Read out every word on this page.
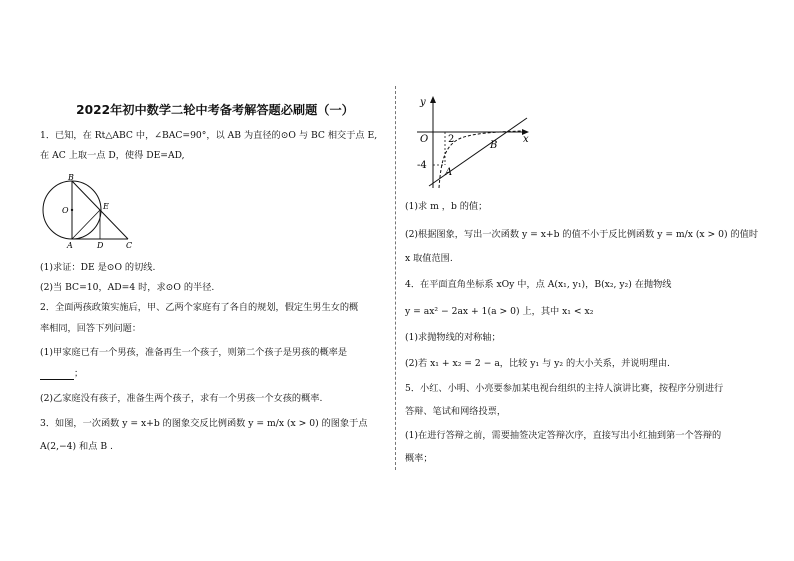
2022年初中数学二轮中考备考解答题必刷题（一）
1．已知，在 Rt△ABC 中，∠BAC=90°，以 AB 为直径的⊙O 与 BC 相交于点 E,
在 AC 上取一点 D，使得 DE=AD,
B
O	E
A	D	C
(1)求证：DE 是⊙O 的切线.
(2)当 BC=10，AD=4 时，求⊙O 的半径.
2．全面两孩政策实施后，甲、乙两个家庭有了各自的规划，假定生男生女的概
率相同，回答下列问题：
(1)甲家庭已有一个男孩，准备再生一个孩子，则第二个孩子是男孩的概率是
；
(2)乙家庭没有孩子，准备生两个孩子，求有一个男孩一个女孩的概率.
3．如图，一次函数 y = x+b 的图象交反比例函数 y = m/x (x > 0) 的图象于点
A(2,−4) 和点 B .
y
x
O 2
-4
A
B
(1)求 m ，b 的值；
(2)根据图象，写出一次函数 y = x+b 的值不小于反比例函数 y = m/x (x > 0) 的值时
x 取值范围.
4．在平面直角坐标系 xOy 中，点 A(x₁, y₁)，B(x₂, y₂) 在抛物线
y = ax² − 2ax + 1(a > 0) 上，其中 x₁ < x₂
(1)求抛物线的对称轴；
(2)若 x₁ + x₂ = 2 − a，比较 y₁ 与 y₂ 的大小关系，并说明理由.
5．小红、小明、小亮要参加某电视台组织的主持人演讲比赛，按程序分别进行
答辩、笔试和网络投票，
(1)在进行答辩之前，需要抽签决定答辩次序，直接写出小红抽到第一个答辩的
概率；
